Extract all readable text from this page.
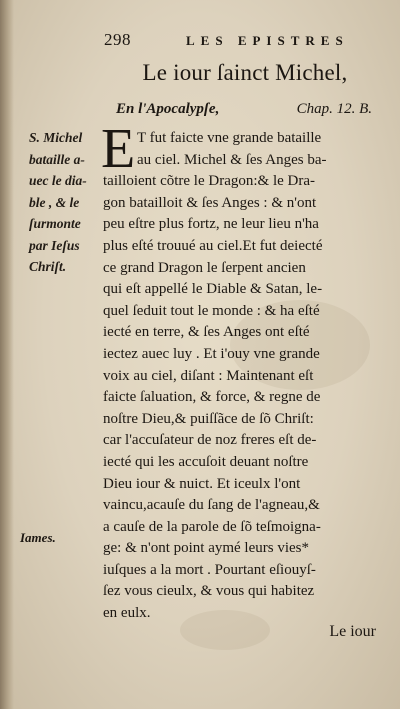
298	LES EPISTRES
Le iour ſainct Michel,
En l'Apocalypſe,	Chap. 12. B.
S. Michel
bataille a-
uec le dia-
ble , & le
ſurmonte
par Ieſus
Chriſt.
Iames.
E T fut faicte vne grande bataille
au ciel. Michel & ſes Anges ba-
tailloient cõtre le Dragon:& le Dra-
gon batailloit & ſes Anges : & n'ont
peu eſtre plus fortz, ne leur lieu n'ha
plus eſté trouué au ciel.Et fut deiecté
ce grand Dragon le ſerpent ancien
qui eſt appellé le Diable & Satan, le-
quel ſeduit tout le monde : & ha eſté
iecté en terre, & ſes Anges ont eſté
iectez auec luy . Et i'ouy vne grande
voix au ciel, diſant : Maintenant eſt
faicte ſaluation, & force, & regne de
noſtre Dieu,& puiſſãce de ſõ Chriſt:
car l'accuſateur de noz freres eſt de-
iecté qui les accuſoit deuant noſtre
Dieu iour & nuict. Et iceulx l'ont
vaincu,acauſe du ſang de l'agneau,&
a cauſe de la parole de ſõ teſmoigna-
ge: & n'ont point aymé leurs vies*
iuſques a la mort . Pourtant eſiouyſ-
ſez vous cieulx, & vous qui habitez
en eulx.
Le iour
